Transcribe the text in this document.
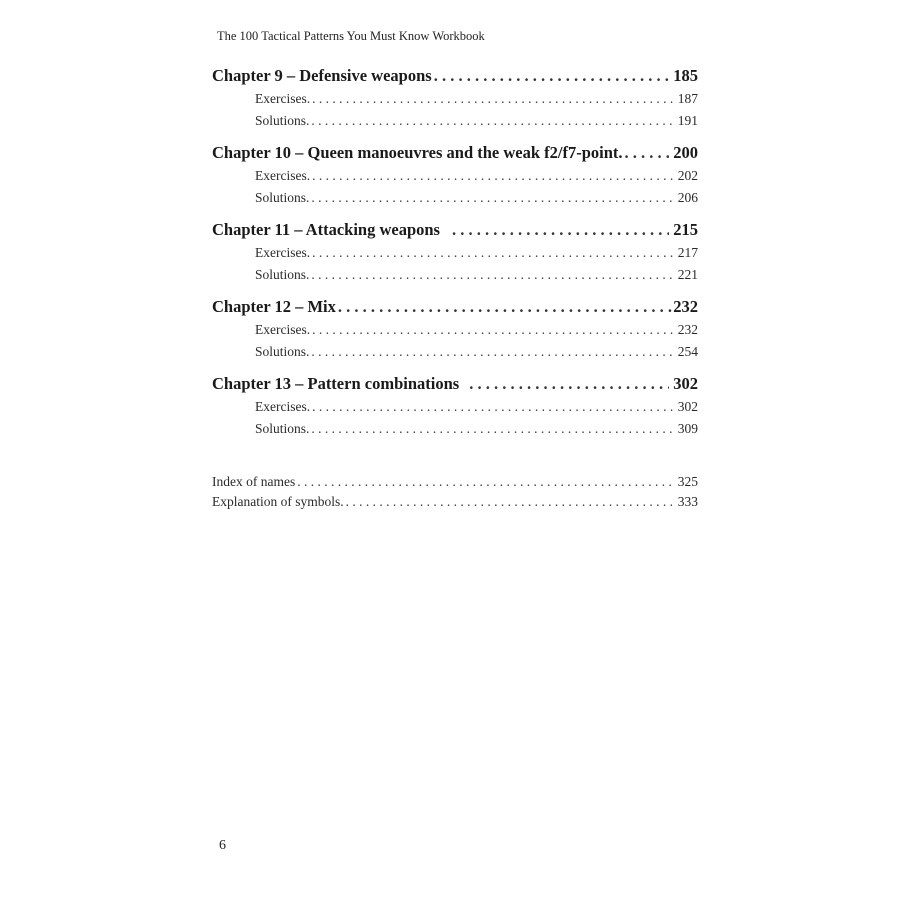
The 100 Tactical Patterns You Must Know Workbook
Chapter 9 – Defensive weapons . . .	185
Exercises. . . .	187
Solutions. . . .	191
Chapter 10 – Queen manoeuvres and the weak f2/f7-point. . . .	200
Exercises. . . .	202
Solutions. . . .	206
Chapter 11 – Attacking weapons . . .	215
Exercises. . . .	217
Solutions. . . .	221
Chapter 12 – Mix . . .	232
Exercises. . . .	232
Solutions. . . .	254
Chapter 13 – Pattern combinations . . .	302
Exercises. . . .	302
Solutions. . . .	309
Index of names . . .	325
Explanation of symbols. . . .	333
6
